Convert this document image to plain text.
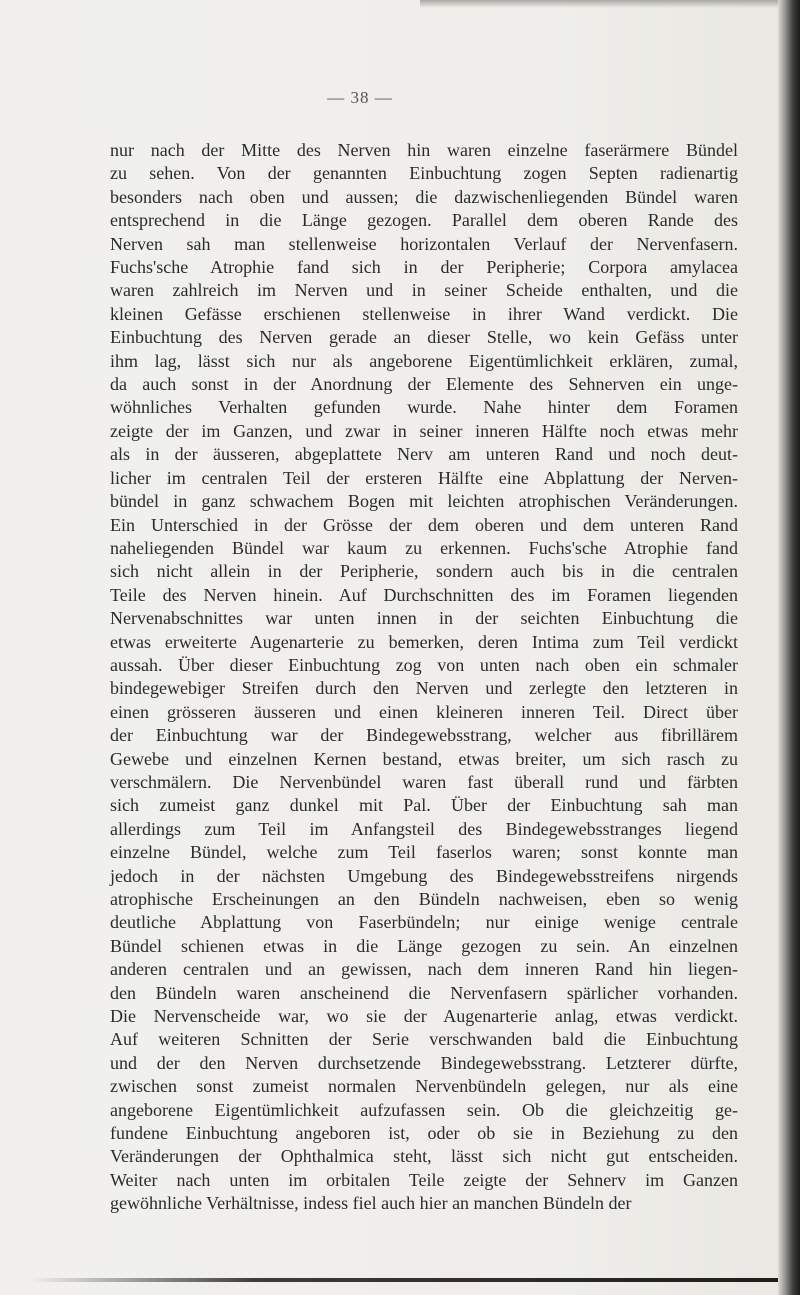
— 38 —
nur nach der Mitte des Nerven hin waren einzelne faserärmere Bündel
zu sehen. Von der genannten Einbuchtung zogen Septen radienartig
besonders nach oben und aussen; die dazwischenliegenden Bündel waren
entsprechend in die Länge gezogen. Parallel dem oberen Rande des
Nerven sah man stellenweise horizontalen Verlauf der Nervenfasern.
Fuchs'sche Atrophie fand sich in der Peripherie; Corpora amylacea
waren zahlreich im Nerven und in seiner Scheide enthalten, und die
kleinen Gefässe erschienen stellenweise in ihrer Wand verdickt. Die
Einbuchtung des Nerven gerade an dieser Stelle, wo kein Gefäss unter
ihm lag, lässt sich nur als angeborene Eigentümlichkeit erklären, zumal,
da auch sonst in der Anordnung der Elemente des Sehnerven ein unge-
wöhnliches Verhalten gefunden wurde. Nahe hinter dem Foramen
zeigte der im Ganzen, und zwar in seiner inneren Hälfte noch etwas mehr
als in der äusseren, abgeplattete Nerv am unteren Rand und noch deut-
licher im centralen Teil der ersteren Hälfte eine Abplattung der Nerven-
bündel in ganz schwachem Bogen mit leichten atrophischen Veränderungen.
Ein Unterschied in der Grösse der dem oberen und dem unteren Rand
naheliegenden Bündel war kaum zu erkennen. Fuchs'sche Atrophie fand
sich nicht allein in der Peripherie, sondern auch bis in die centralen
Teile des Nerven hinein. Auf Durchschnitten des im Foramen liegenden
Nervenabschnittes war unten innen in der seichten Einbuchtung die
etwas erweiterte Augenarterie zu bemerken, deren Intima zum Teil verdickt
aussah. Über dieser Einbuchtung zog von unten nach oben ein schmaler
bindegewebiger Streifen durch den Nerven und zerlegte den letzteren in
einen grösseren äusseren und einen kleineren inneren Teil. Direct über
der Einbuchtung war der Bindegewebsstrang, welcher aus fibrillärem
Gewebe und einzelnen Kernen bestand, etwas breiter, um sich rasch zu
verschmälern. Die Nervenbündel waren fast überall rund und färbten
sich zumeist ganz dunkel mit Pal. Über der Einbuchtung sah man
allerdings zum Teil im Anfangsteil des Bindegewebsstranges liegend
einzelne Bündel, welche zum Teil faserlos waren; sonst konnte man
jedoch in der nächsten Umgebung des Bindegewebsstreifens nirgends
atrophische Erscheinungen an den Bündeln nachweisen, eben so wenig
deutliche Abplattung von Faserbündeln; nur einige wenige centrale
Bündel schienen etwas in die Länge gezogen zu sein. An einzelnen
anderen centralen und an gewissen, nach dem inneren Rand hin liegen-
den Bündeln waren anscheinend die Nervenfasern spärlicher vorhanden.
Die Nervenscheide war, wo sie der Augenarterie anlag, etwas verdickt.
Auf weiteren Schnitten der Serie verschwanden bald die Einbuchtung
und der den Nerven durchsetzende Bindegewebsstrang. Letzterer dürfte,
zwischen sonst zumeist normalen Nervenbündeln gelegen, nur als eine
angeborene Eigentümlichkeit aufzufassen sein. Ob die gleichzeitig ge-
fundene Einbuchtung angeboren ist, oder ob sie in Beziehung zu den
Veränderungen der Ophthalmica steht, lässt sich nicht gut entscheiden.
Weiter nach unten im orbitalen Teile zeigte der Sehnerv im Ganzen
gewöhnliche Verhältnisse, indess fiel auch hier an manchen Bündeln der
